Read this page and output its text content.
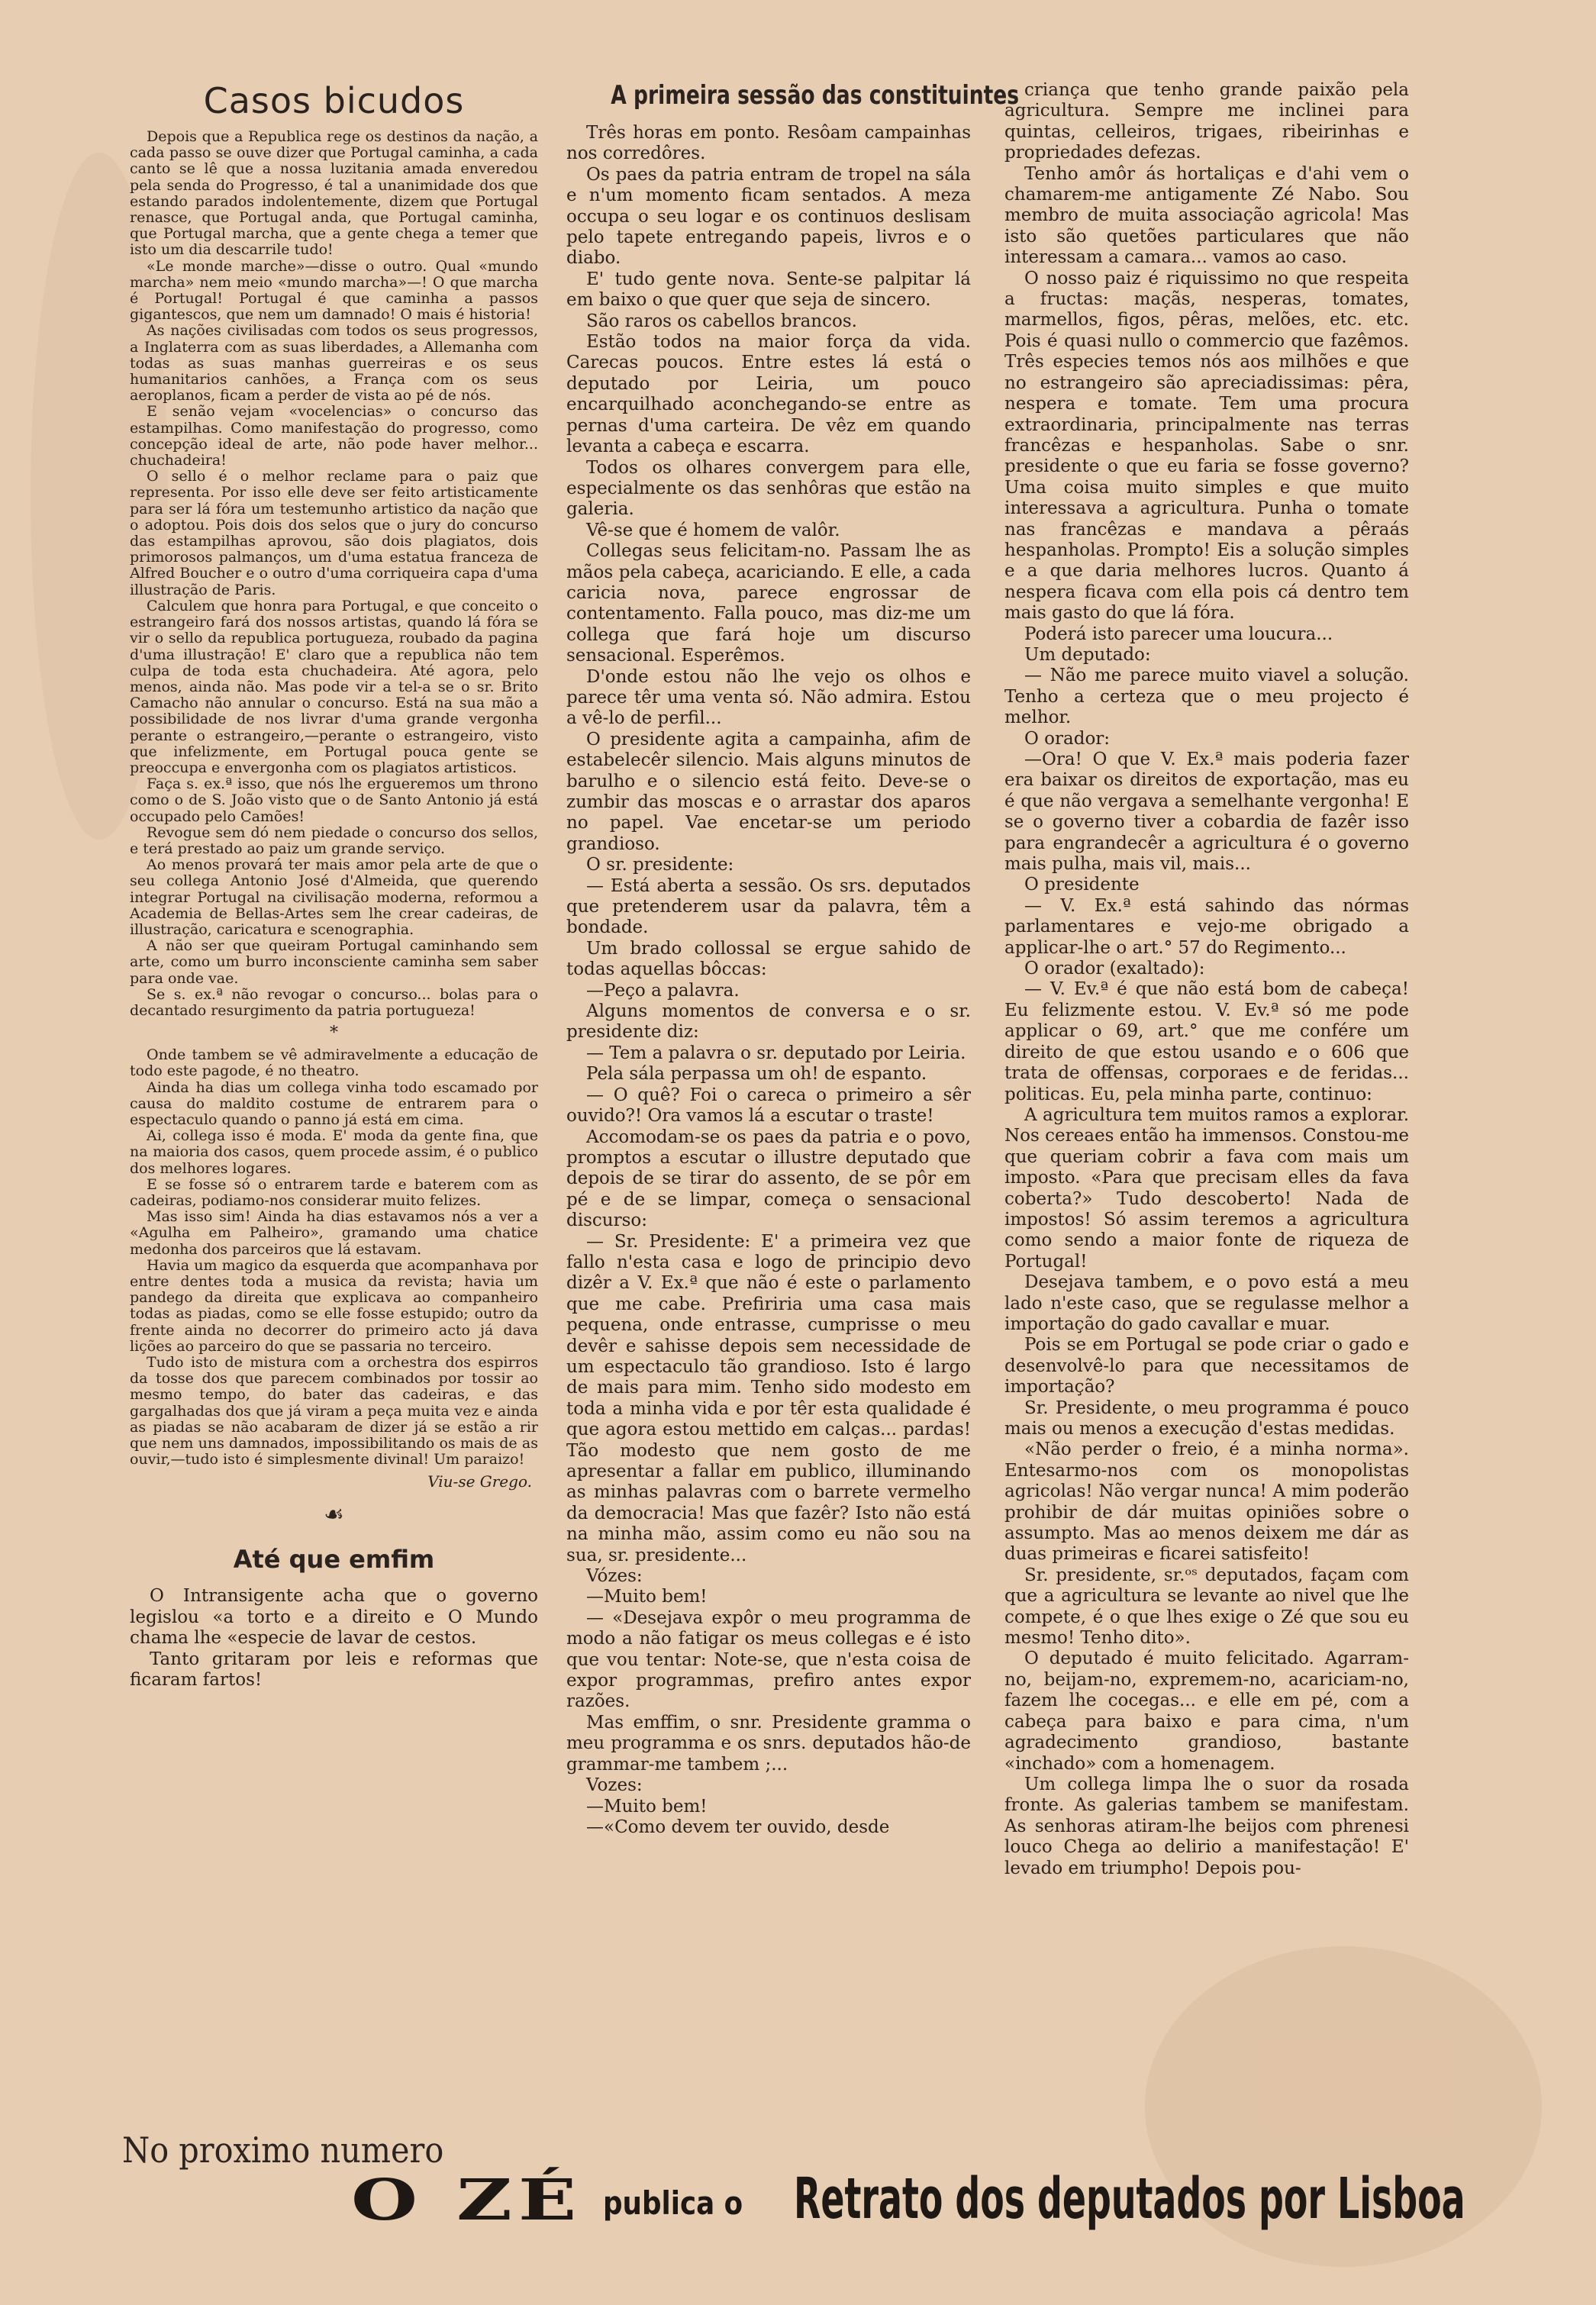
Casos bicudos

Depois que a Republica rege os destinos da nação, a cada passo se ouve dizer que Portugal caminha, a cada canto se lê que a nossa luzitania amada enveredou pela senda do Progresso, é tal a unanimidade dos que estando parados indolentemente, dizem que Portugal renasce, que Portugal anda, que Portugal caminha, que Portugal marcha, que a gente chega a temer que isto um dia descarrile tudo!

«Le monde marche»—disse o outro. Qual «mundo marcha» nem meio «mundo marcha»—! O que marcha é Portugal! Portugal é que caminha a passos gigantescos, que nem um damnado! O mais é historia!

As nações civilisadas com todos os seus progressos, a Inglaterra com as suas liberdades, a Allemanha com todas as suas manhas guerreiras e os seus humanitarios canhões, a França com os seus aeroplanos, ficam a perder de vista ao pé de nós.

E senão vejam «vocelencias» o concurso das estampilhas. Como manifestação do progresso, como concepção ideal de arte, não pode haver melhor... chuchadeira!

O sello é o melhor reclame para o paiz que representa. Por isso elle deve ser feito artisticamente para ser lá fóra um testemunho artistico da nação que o adoptou. Pois dois dos selos que o jury do concurso das estampilhas aprovou, são dois plagiatos, dois primorosos palmanços, um d'uma estatua franceza de Alfred Boucher e o outro d'uma corriqueira capa d'uma illustração de Paris.

Calculem que honra para Portugal, e que conceito o estrangeiro fará dos nossos artistas, quando lá fóra se vir o sello da republica portugueza, roubado da pagina d'uma illustração! E' claro que a republica não tem culpa de toda esta chuchadeira. Até agora, pelo menos, ainda não. Mas pode vir a tel-a se o sr. Brito Camacho não annular o concurso. Está na sua mão a possibilidade de nos livrar d'uma grande vergonha perante o estrangeiro,—perante o estrangeiro, visto que infelizmente, em Portugal pouca gente se preoccupa e envergonha com os plagiatos artisticos.

Faça s. ex.ª isso, que nós lhe ergueremos um throno como o de S. João visto que o de Santo Antonio já está occupado pelo Camões!

Revogue sem dó nem piedade o concurso dos sellos, e terá prestado ao paiz um grande serviço.

Ao menos provará ter mais amor pela arte de que o seu collega Antonio José d'Almeida, que querendo integrar Portugal na civilisação moderna, reformou a Academia de Bellas-Artes sem lhe crear cadeiras, de illustração, caricatura e scenographia.

A não ser que queiram Portugal caminhando sem arte, como um burro inconsciente caminha sem saber para onde vae.

Se s. ex.ª não revogar o concurso... bolas para o decantado resurgimento da patria portugueza!

*

Onde tambem se vê admiravelmente a educação de todo este pagode, é no theatro.

Ainda ha dias um collega vinha todo escamado por causa do maldito costume de entrarem para o espectaculo quando o panno já está em cima.

Ai, collega isso é moda. E' moda da gente fina, que na maioria dos casos, quem procede assim, é o publico dos melhores logares.

E se fosse só o entrarem tarde e baterem com as cadeiras, podiamo-nos considerar muito felizes.

Mas isso sim! Ainda ha dias estavamos nós a ver a «Agulha em Palheiro», gramando uma chatice medonha dos parceiros que lá estavam.

Havia um magico da esquerda que acompanhava por entre dentes toda a musica da revista; havia um pandego da direita que explicava ao companheiro todas as piadas, como se elle fosse estupido; outro da frente ainda no decorrer do primeiro acto já dava lições ao parceiro do que se passaria no terceiro.

Tudo isto de mistura com a orchestra dos espirros da tosse dos que parecem combinados por tossir ao mesmo tempo, do bater das cadeiras, e das gargalhadas dos que já viram a peça muita vez e ainda as piadas se não acabaram de dizer já se estão a rir que nem uns damnados, impossibilitando os mais de as ouvir,—tudo isto é simplesmente divinal! Um paraizo!

Viu-se Grego.
☙
Até que emfim

O Intransigente acha que o governo legislou «a torto e a direito e O Mundo chama lhe «especie de lavar de cestos.

Tanto gritaram por leis e reformas que ficaram fartos!

A primeira sessão das constituintes

Três horas em ponto. Resôam campainhas nos corredôres.

Os paes da patria entram de tropel na sála e n'um momento ficam sentados. A meza occupa o seu logar e os continuos deslisam pelo tapete entregando papeis, livros e o diabo.

E' tudo gente nova. Sente-se palpitar lá em baixo o que quer que seja de sincero.

São raros os cabellos brancos.

Estão todos na maior força da vida. Carecas poucos. Entre estes lá está o deputado por Leiria, um pouco encarquilhado aconchegando-se entre as pernas d'uma carteira. De vêz em quando levanta a cabeça e escarra.

Todos os olhares convergem para elle, especialmente os das senhôras que estão na galeria.

Vê-se que é homem de valôr.

Collegas seus felicitam-no. Passam lhe as mãos pela cabeça, acariciando. E elle, a cada caricia nova, parece engrossar de contentamento. Falla pouco, mas diz-me um collega que fará hoje um discurso sensacional. Esperêmos.

D'onde estou não lhe vejo os olhos e parece têr uma venta só. Não admira. Estou a vê-lo de perfil...

O presidente agita a campainha, afim de estabelecêr silencio. Mais alguns minutos de barulho e o silencio está feito. Deve-se o zumbir das moscas e o arrastar dos aparos no papel. Vae encetar-se um periodo grandioso.

O sr. presidente:

— Está aberta a sessão. Os srs. deputados que pretenderem usar da palavra, têm a bondade.

Um brado collossal se ergue sahido de todas aquellas bôccas:

—Peço a palavra.

Alguns momentos de conversa e o sr. presidente diz:

— Tem a palavra o sr. deputado por Leiria.

Pela sála perpassa um oh! de espanto.

— O quê? Foi o careca o primeiro a sêr ouvido?! Ora vamos lá a escutar o traste!

Accomodam-se os paes da patria e o povo, promptos a escutar o illustre deputado que depois de se tirar do assento, de se pôr em pé e de se limpar, começa o sensacional discurso:

— Sr. Presidente: E' a primeira vez que fallo n'esta casa e logo de principio devo dizêr a V. Ex.ª que não é este o parlamento que me cabe. Prefiriria uma casa mais pequena, onde entrasse, cumprisse o meu devêr e sahisse depois sem necessidade de um espectaculo tão grandioso. Isto é largo de mais para mim. Tenho sido modesto em toda a minha vida e por têr esta qualidade é que agora estou mettido em calças... pardas! Tão modesto que nem gosto de me apresentar a fallar em publico, illuminando as minhas palavras com o barrete vermelho da democracia! Mas que fazêr? Isto não está na minha mão, assim como eu não sou na sua, sr. presidente...

Vózes:

—Muito bem!

— «Desejava expôr o meu programma de modo a não fatigar os meus collegas e é isto que vou tentar: Note-se, que n'esta coisa de expor programmas, prefiro antes expor razões.

Mas emffim, o snr. Presidente gramma o meu programma e os snrs. deputados hão-de grammar-me tambem ;...

Vozes:

—Muito bem!

—«Como devem ter ouvido, desde

criança que tenho grande paixão pela agricultura. Sempre me inclinei para quintas, celleiros, trigaes, ribeirinhas e propriedades defezas.

Tenho amôr ás hortaliças e d'ahi vem o chamarem-me antigamente Zé Nabo. Sou membro de muita associação agricola! Mas isto são quetões particulares que não interessam a camara... vamos ao caso.

O nosso paiz é riquissimo no que respeita a fructas: maçãs, nesperas, tomates, marmellos, figos, pêras, melões, etc. etc. Pois é quasi nullo o commercio que fazêmos. Três especies temos nós aos milhões e que no estrangeiro são apreciadissimas: pêra, nespera e tomate. Tem uma procura extraordinaria, principalmente nas terras francêzas e hespanholas. Sabe o snr. presidente o que eu faria se fosse governo? Uma coisa muito simples e que muito interessava a agricultura. Punha o tomate nas francêzas e mandava a pêraás hespanholas. Prompto! Eis a solução simples e a que daria melhores lucros. Quanto á nespera ficava com ella pois cá dentro tem mais gasto do que lá fóra.

Poderá isto parecer uma loucura...

Um deputado:

— Não me parece muito viavel a solução. Tenho a certeza que o meu projecto é melhor.

O orador:

—Ora! O que V. Ex.ª mais poderia fazer era baixar os direitos de exportação, mas eu é que não vergava a semelhante vergonha! E se o governo tiver a cobardia de fazêr isso para engrandecêr a agricultura é o governo mais pulha, mais vil, mais...

O presidente

— V. Ex.ª está sahindo das nórmas parlamentares e vejo-me obrigado a applicar-lhe o art.° 57 do Regimento...

O orador (exaltado):

— V. Ev.ª é que não está bom de cabeça! Eu felizmente estou. V. Ev.ª só me pode applicar o 69, art.° que me confére um direito de que estou usando e o 606 que trata de offensas, corporaes e de feridas... politicas. Eu, pela minha parte, continuo:

A agricultura tem muitos ramos a explorar. Nos cereaes então ha immensos. Constou-me que queriam cobrir a fava com mais um imposto. «Para que precisam elles da fava coberta?» Tudo descoberto! Nada de impostos! Só assim teremos a agricultura como sendo a maior fonte de riqueza de Portugal!

Desejava tambem, e o povo está a meu lado n'este caso, que se regulasse melhor a importação do gado cavallar e muar.

Pois se em Portugal se pode criar o gado e desenvolvê-lo para que necessitamos de importação?

Sr. Presidente, o meu programma é pouco mais ou menos a execução d'estas medidas.

«Não perder o freio, é a minha norma». Entesarmo-nos com os monopolistas agricolas! Não vergar nunca! A mim poderão prohibir de dár muitas opiniões sobre o assumpto. Mas ao menos deixem me dár as duas primeiras e ficarei satisfeito!

Sr. presidente, sr.ᵒˢ deputados, façam com que a agricultura se levante ao nivel que lhe compete, é o que lhes exige o Zé que sou eu mesmo! Tenho dito».

O deputado é muito felicitado. Agarram-no, beijam-no, expremem-no, acariciam-no, fazem lhe cocegas... e elle em pé, com a cabeça para baixo e para cima, n'um agradecimento grandioso, bastante «inchado» com a homenagem.

Um collega limpa lhe o suor da rosada fronte. As galerias tambem se manifestam. As senhoras atiram-lhe beijos com phrenesi louco Chega ao delirio a manifestação! E' levado em triumpho! Depois pou-

No proximo numero
O ZÉ publica o Retrato dos deputados por Lisboa
